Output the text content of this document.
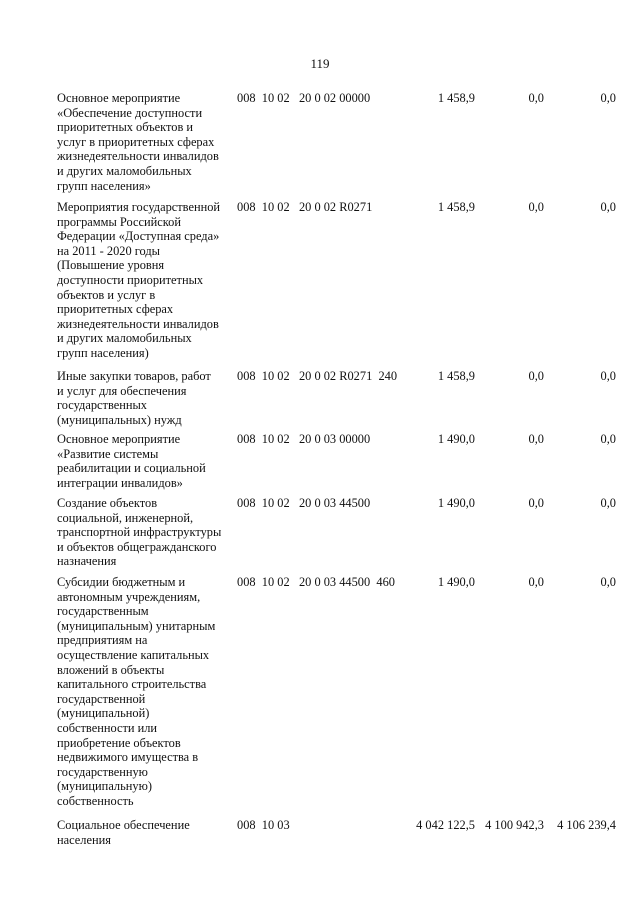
119
Основное мероприятие
«Обеспечение доступности
приоритетных объектов и
услуг в приоритетных сферах
жизнедеятельности инвалидов
и других маломобильных
групп населения»
008  10 02   20 0 02 00000	1 458,9	0,0	0,0
Мероприятия государственной
программы Российской
Федерации «Доступная среда»
на 2011 - 2020 годы
(Повышение уровня
доступности приоритетных
объектов и услуг в
приоритетных сферах
жизнедеятельности инвалидов
и других маломобильных
групп населения)
008  10 02   20 0 02 R0271	1 458,9	0,0	0,0
Иные закупки товаров, работ
и услуг для обеспечения
государственных
(муниципальных) нужд
008  10 02   20 0 02 R0271  240	1 458,9	0,0	0,0
Основное мероприятие
«Развитие системы
реабилитации и социальной
интеграции инвалидов»
008  10 02   20 0 03 00000	1 490,0	0,0	0,0
Создание объектов
социальной, инженерной,
транспортной инфраструктуры
и объектов общегражданского
назначения
008  10 02   20 0 03 44500	1 490,0	0,0	0,0
Субсидии бюджетным и
автономным учреждениям,
государственным
(муниципальным) унитарным
предприятиям на
осуществление капитальных
вложений в объекты
капитального строительства
государственной
(муниципальной)
собственности или
приобретение объектов
недвижимого имущества в
государственную
(муниципальную)
собственность
008  10 02   20 0 03 44500  460	1 490,0	0,0	0,0
Социальное обеспечение
населения
008  10 03	4 042 122,5 4 100 942,3 4 106 239,4
